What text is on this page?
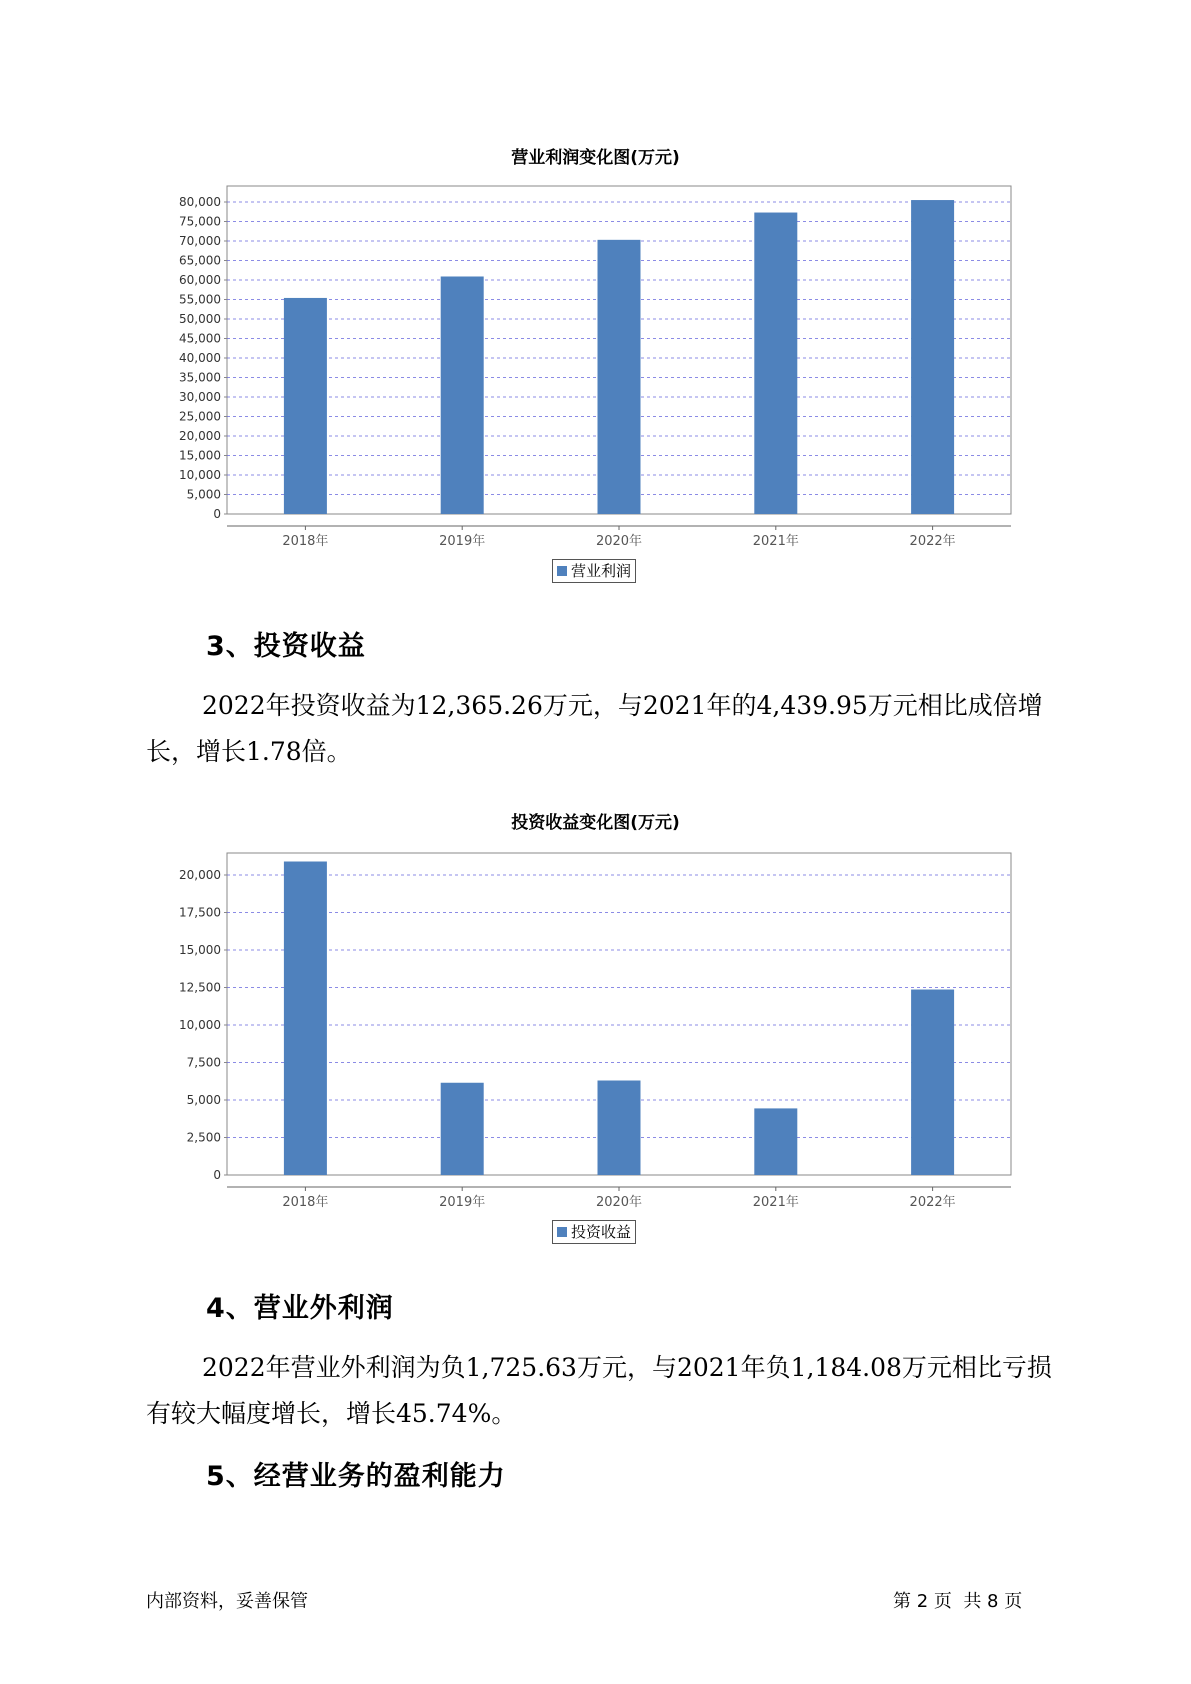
营业利润变化图(万元)
0
5,000
10,000
15,000
20,000
25,000
30,000
35,000
40,000
45,000
50,000
55,000
60,000
65,000
70,000
75,000
80,000
2018年	2019年	2020年	2021年	2022年
营业利润
3、投资收益

2022年投资收益为12,365.26万元，与2021年的4,439.95万元相比成倍增长，增长1.78倍。

投资收益变化图(万元)
0
2,500
5,000
7,500
10,000
12,500
15,000
17,500
20,000
2018年	2019年	2020年	2021年	2022年
投资收益
4、营业外利润

2022年营业外利润为负1,725.63万元，与2021年负1,184.08万元相比亏损有较大幅度增长，增长45.74%。

5、经营业务的盈利能力
内部资料，妥善保管	第 2 页  共 8 页
